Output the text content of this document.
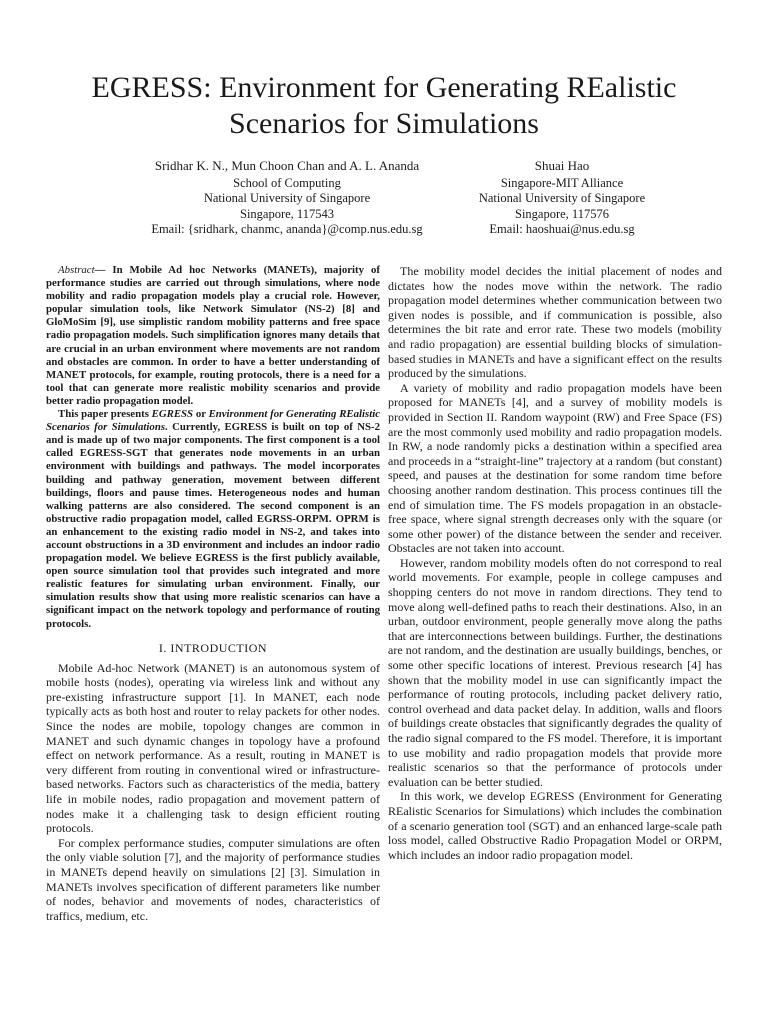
EGRESS: Environment for Generating REalistic Scenarios for Simulations
Sridhar K. N., Mun Choon Chan and A. L. Ananda
School of Computing
National University of Singapore
Singapore, 117543
Email: {sridhark, chanmc, ananda}@comp.nus.edu.sg
Shuai Hao
Singapore-MIT Alliance
National University of Singapore
Singapore, 117576
Email: haoshuai@nus.edu.sg

Abstract— In Mobile Ad hoc Networks (MANETs), majority of performance studies are carried out through simulations, where node mobility and radio propagation models play a crucial role. However, popular simulation tools, like Network Simulator (NS-2) [8] and GloMoSim [9], use simplistic random mobility patterns and free space radio propagation models. Such simplification ignores many details that are crucial in an urban environment where movements are not random and obstacles are common. In order to have a better understanding of MANET protocols, for example, routing protocols, there is a need for a tool that can generate more realistic mobility scenarios and provide better radio propagation model.

This paper presents EGRESS or Environment for Generating REalistic Scenarios for Simulations. Currently, EGRESS is built on top of NS-2 and is made up of two major components. The first component is a tool called EGRESS-SGT that generates node movements in an urban environment with buildings and pathways. The model incorporates building and pathway generation, movement between different buildings, floors and pause times. Heterogeneous nodes and human walking patterns are also considered. The second component is an obstructive radio propagation model, called EGRSS-ORPM. OPRM is an enhancement to the existing radio model in NS-2, and takes into account obstructions in a 3D environment and includes an indoor radio propagation model. We believe EGRESS is the first publicly available, open source simulation tool that provides such integrated and more realistic features for simulating urban environment. Finally, our simulation results show that using more realistic scenarios can have a significant impact on the network topology and performance of routing protocols.

I. INTRODUCTION

Mobile Ad-hoc Network (MANET) is an autonomous system of mobile hosts (nodes), operating via wireless link and without any pre-existing infrastructure support [1]. In MANET, each node typically acts as both host and router to relay packets for other nodes. Since the nodes are mobile, topology changes are common in MANET and such dynamic changes in topology have a profound effect on network performance. As a result, routing in MANET is very different from routing in conventional wired or infrastructure-based networks. Factors such as characteristics of the media, battery life in mobile nodes, radio propagation and movement pattern of nodes make it a challenging task to design efficient routing protocols.

For complex performance studies, computer simulations are often the only viable solution [7], and the majority of performance studies in MANETs depend heavily on simulations [2] [3]. Simulation in MANETs involves specification of different parameters like number of nodes, behavior and movements of nodes, characteristics of traffics, medium, etc.

The mobility model decides the initial placement of nodes and dictates how the nodes move within the network. The radio propagation model determines whether communication between two given nodes is possible, and if communication is possible, also determines the bit rate and error rate. These two models (mobility and radio propagation) are essential building blocks of simulation-based studies in MANETs and have a significant effect on the results produced by the simulations.

A variety of mobility and radio propagation models have been proposed for MANETs [4], and a survey of mobility models is provided in Section II. Random waypoint (RW) and Free Space (FS) are the most commonly used mobility and radio propagation models. In RW, a node randomly picks a destination within a specified area and proceeds in a “straight-line” trajectory at a random (but constant) speed, and pauses at the destination for some random time before choosing another random destination. This process continues till the end of simulation time. The FS models propagation in an obstacle-free space, where signal strength decreases only with the square (or some other power) of the distance between the sender and receiver. Obstacles are not taken into account.

However, random mobility models often do not correspond to real world movements. For example, people in college campuses and shopping centers do not move in random directions. They tend to move along well-defined paths to reach their destinations. Also, in an urban, outdoor environment, people generally move along the paths that are interconnections between buildings. Further, the destinations are not random, and the destination are usually buildings, benches, or some other specific locations of interest. Previous research [4] has shown that the mobility model in use can significantly impact the performance of routing protocols, including packet delivery ratio, control overhead and data packet delay. In addition, walls and floors of buildings create obstacles that significantly degrades the quality of the radio signal compared to the FS model. Therefore, it is important to use mobility and radio propagation models that provide more realistic scenarios so that the performance of protocols under evaluation can be better studied.

In this work, we develop EGRESS (Environment for Generating REalistic Scenarios for Simulations) which includes the combination of a scenario generation tool (SGT) and an enhanced large-scale path loss model, called Obstructive Radio Propagation Model or ORPM, which includes an indoor radio propagation model.
